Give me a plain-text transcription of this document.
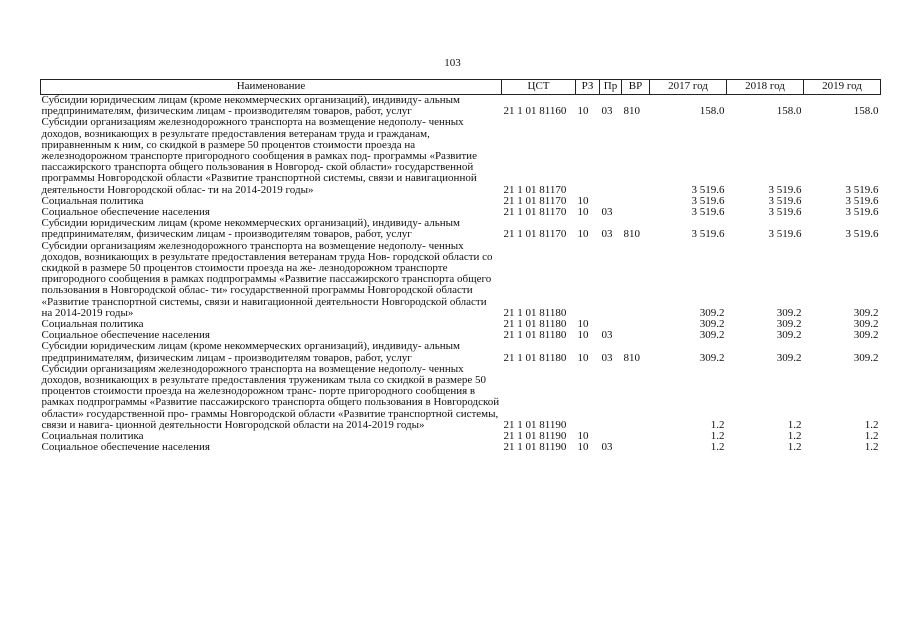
103
Наименование	ЦСТ	РЗ	Пр	ВР	2017 год	2018 год	2019 год
Субсидии юридическим лицам (кроме некоммерческих организаций), индивиду- альным предпринимателям, физическим лицам - производителям товаров, работ, услуг	21 1 01 81160	10	03	810	158.0	158.0	158.0
Субсидии организациям железнодорожного транспорта на возмещение недополу- ченных доходов, возникающих в результате предоставления ветеранам труда и гражданам, приравненным к ним, со скидкой в размере 50 процентов стоимости проезда на железнодорожном транспорте пригородного сообщения в рамках под- программы «Развитие пассажирского транспорта общего пользования в Новгород- ской области» государственной программы Новгородской области «Развитие транспортной системы, связи и навигационной деятельности Новгородской облас- ти на 2014-2019 годы»	21 1 01 81170				3 519.6	3 519.6	3 519.6
Социальная политика	21 1 01 81170	10			3 519.6	3 519.6	3 519.6
Социальное обеспечение населения	21 1 01 81170	10	03		3 519.6	3 519.6	3 519.6
Субсидии юридическим лицам (кроме некоммерческих организаций), индивиду- альным предпринимателям, физическим лицам - производителям товаров, работ, услуг	21 1 01 81170	10	03	810	3 519.6	3 519.6	3 519.6
Субсидии организациям железнодорожного транспорта на возмещение недополу- ченных доходов, возникающих в результате предоставления ветеранам труда Нов- городской области со скидкой в размере 50 процентов стоимости проезда на же- лезнодорожном транспорте пригородного сообщения в рамках подпрограммы «Развитие пассажирского транспорта общего пользования в Новгородской облас- ти» государственной программы Новгородской области «Развитие транспортной системы, связи и навигационной деятельности Новгородской области на 2014-2019 годы»	21 1 01 81180				309.2	309.2	309.2
Социальная политика	21 1 01 81180	10			309.2	309.2	309.2
Социальное обеспечение населения	21 1 01 81180	10	03		309.2	309.2	309.2
Субсидии юридическим лицам (кроме некоммерческих организаций), индивиду- альным предпринимателям, физическим лицам - производителям товаров, работ, услуг	21 1 01 81180	10	03	810	309.2	309.2	309.2
Субсидии организациям железнодорожного транспорта на возмещение недополу- ченных доходов, возникающих в результате предоставления труженикам тыла со скидкой в размере 50 процентов стоимости проезда на железнодорожном транс- порте пригородного сообщения в рамках подпрограммы «Развитие пассажирского транспорта общего пользования в Новгородской области» государственной про- граммы Новгородской области «Развитие транспортной системы, связи и навига- ционной деятельности Новгородской области на 2014-2019 годы»	21 1 01 81190				1.2	1.2	1.2
Социальная политика	21 1 01 81190	10			1.2	1.2	1.2
Социальное обеспечение населения	21 1 01 81190	10	03		1.2	1.2	1.2
